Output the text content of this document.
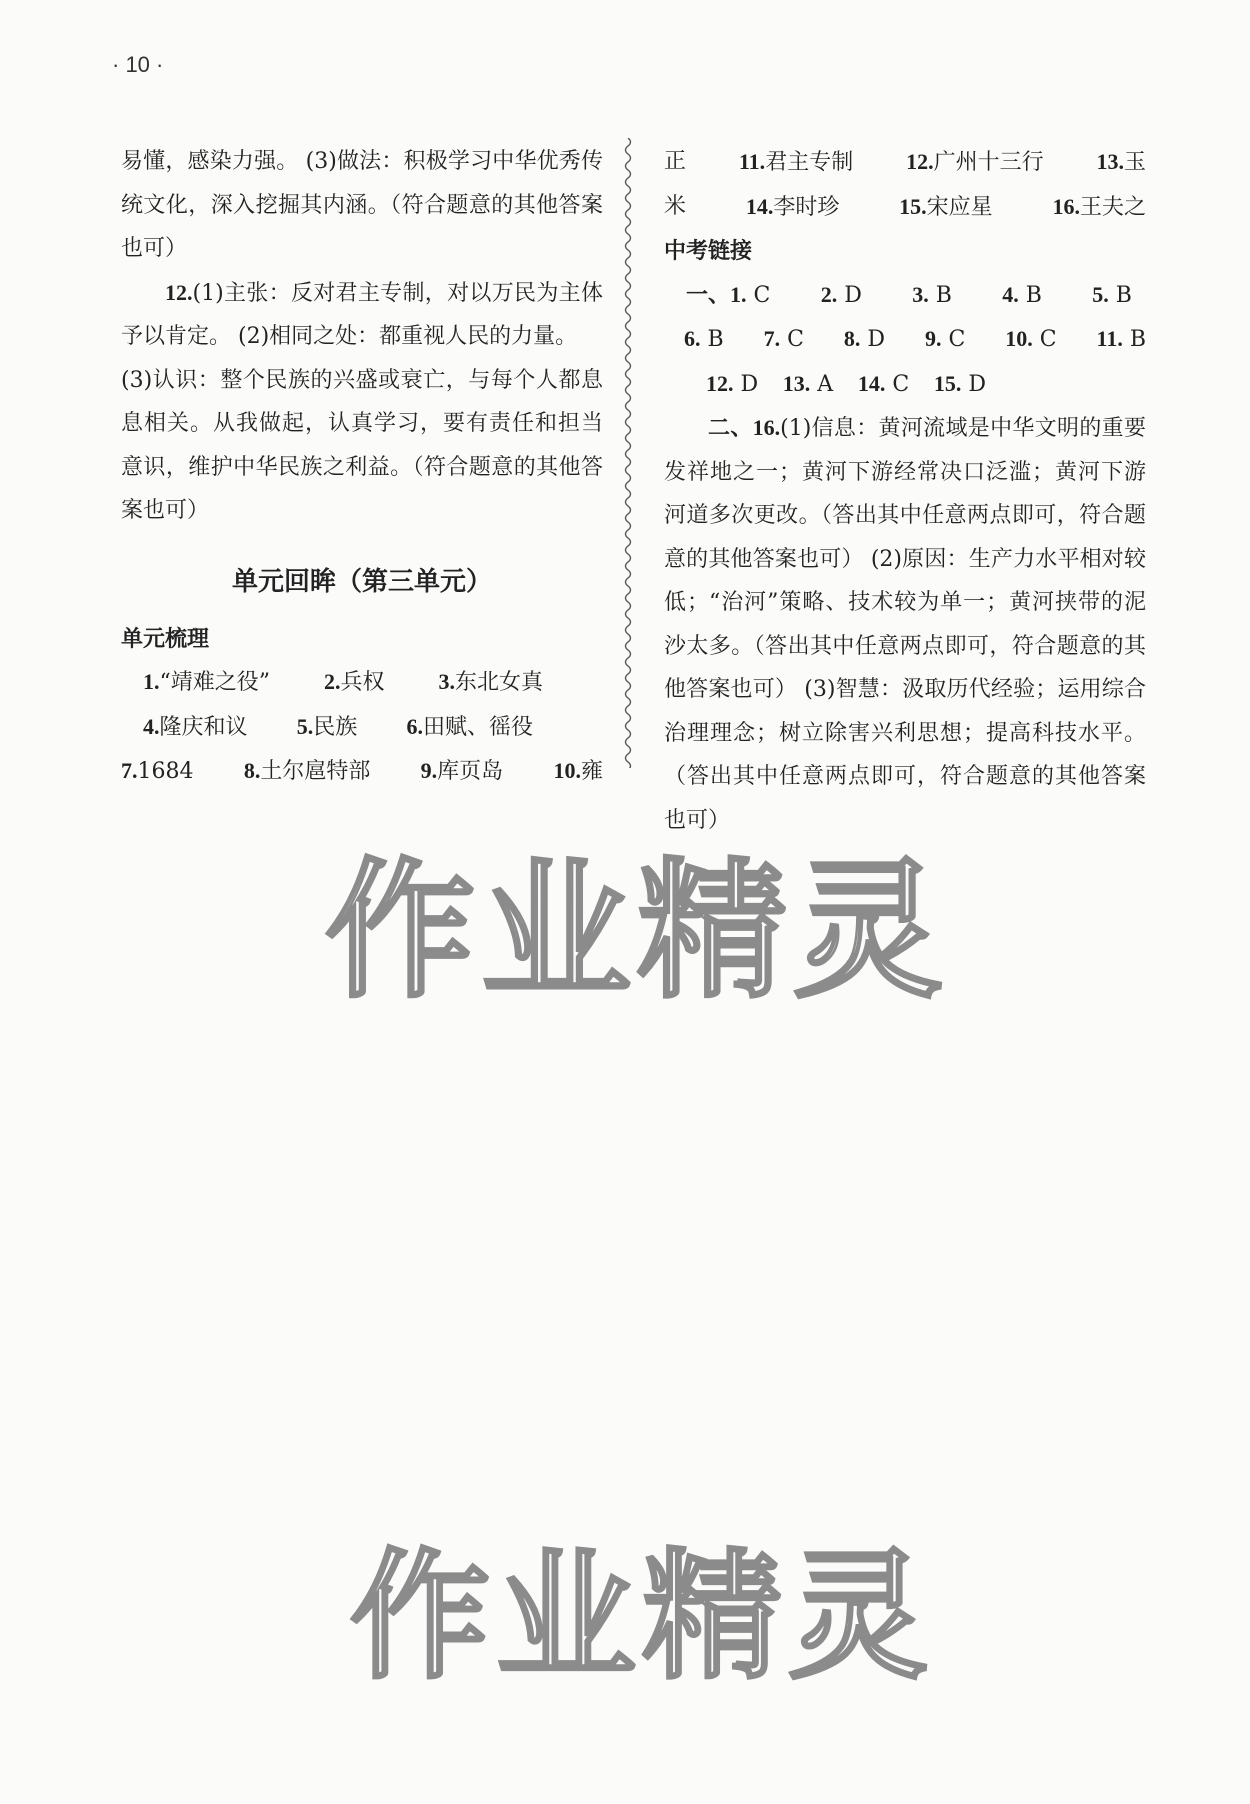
· 10 ·

易懂，感染力强。 (3)做法：积极学习中华优秀传统文化，深入挖掘其内涵。（符合题意的其他答案也可）

12.(1)主张：反对君主专制，对以万民为主体予以肯定。 (2)相同之处：都重视人民的力量。

(3)认识：整个民族的兴盛或衰亡，与每个人都息息相关。从我做起，认真学习，要有责任和担当意识，维护中华民族之利益。（符合题意的其他答案也可）

单元回眸（第三单元）

单元梳理

1.“靖难之役” 2.兵权 3.东北女真
4.隆庆和议 5.民族 6.田赋、徭役
7.1684 8.土尔扈特部 9.库页岛 10.雍
正 11.君主专制 12.广州十三行 13.玉
米	14.李时珍	15.宋应星	16.王夫之

中考链接

一、1. C 2. D 3. B 4. B 5. B
6. B 7. C 8. D 9. C 10. C 11. B
12. D 13. A 14. C 15. D

二、16.(1)信息：黄河流域是中华文明的重要发祥地之一；黄河下游经常决口泛滥；黄河下游河道多次更改。（答出其中任意两点即可，符合题意的其他答案也可） (2)原因：生产力水平相对较低；“治河”策略、技术较为单一；黄河挟带的泥沙太多。（答出其中任意两点即可，符合题意的其他答案也可） (3)智慧：汲取历代经验；运用综合治理理念；树立除害兴利思想；提高科技水平。（答出其中任意两点即可，符合题意的其他答案也可）

作业精灵
作业精灵
